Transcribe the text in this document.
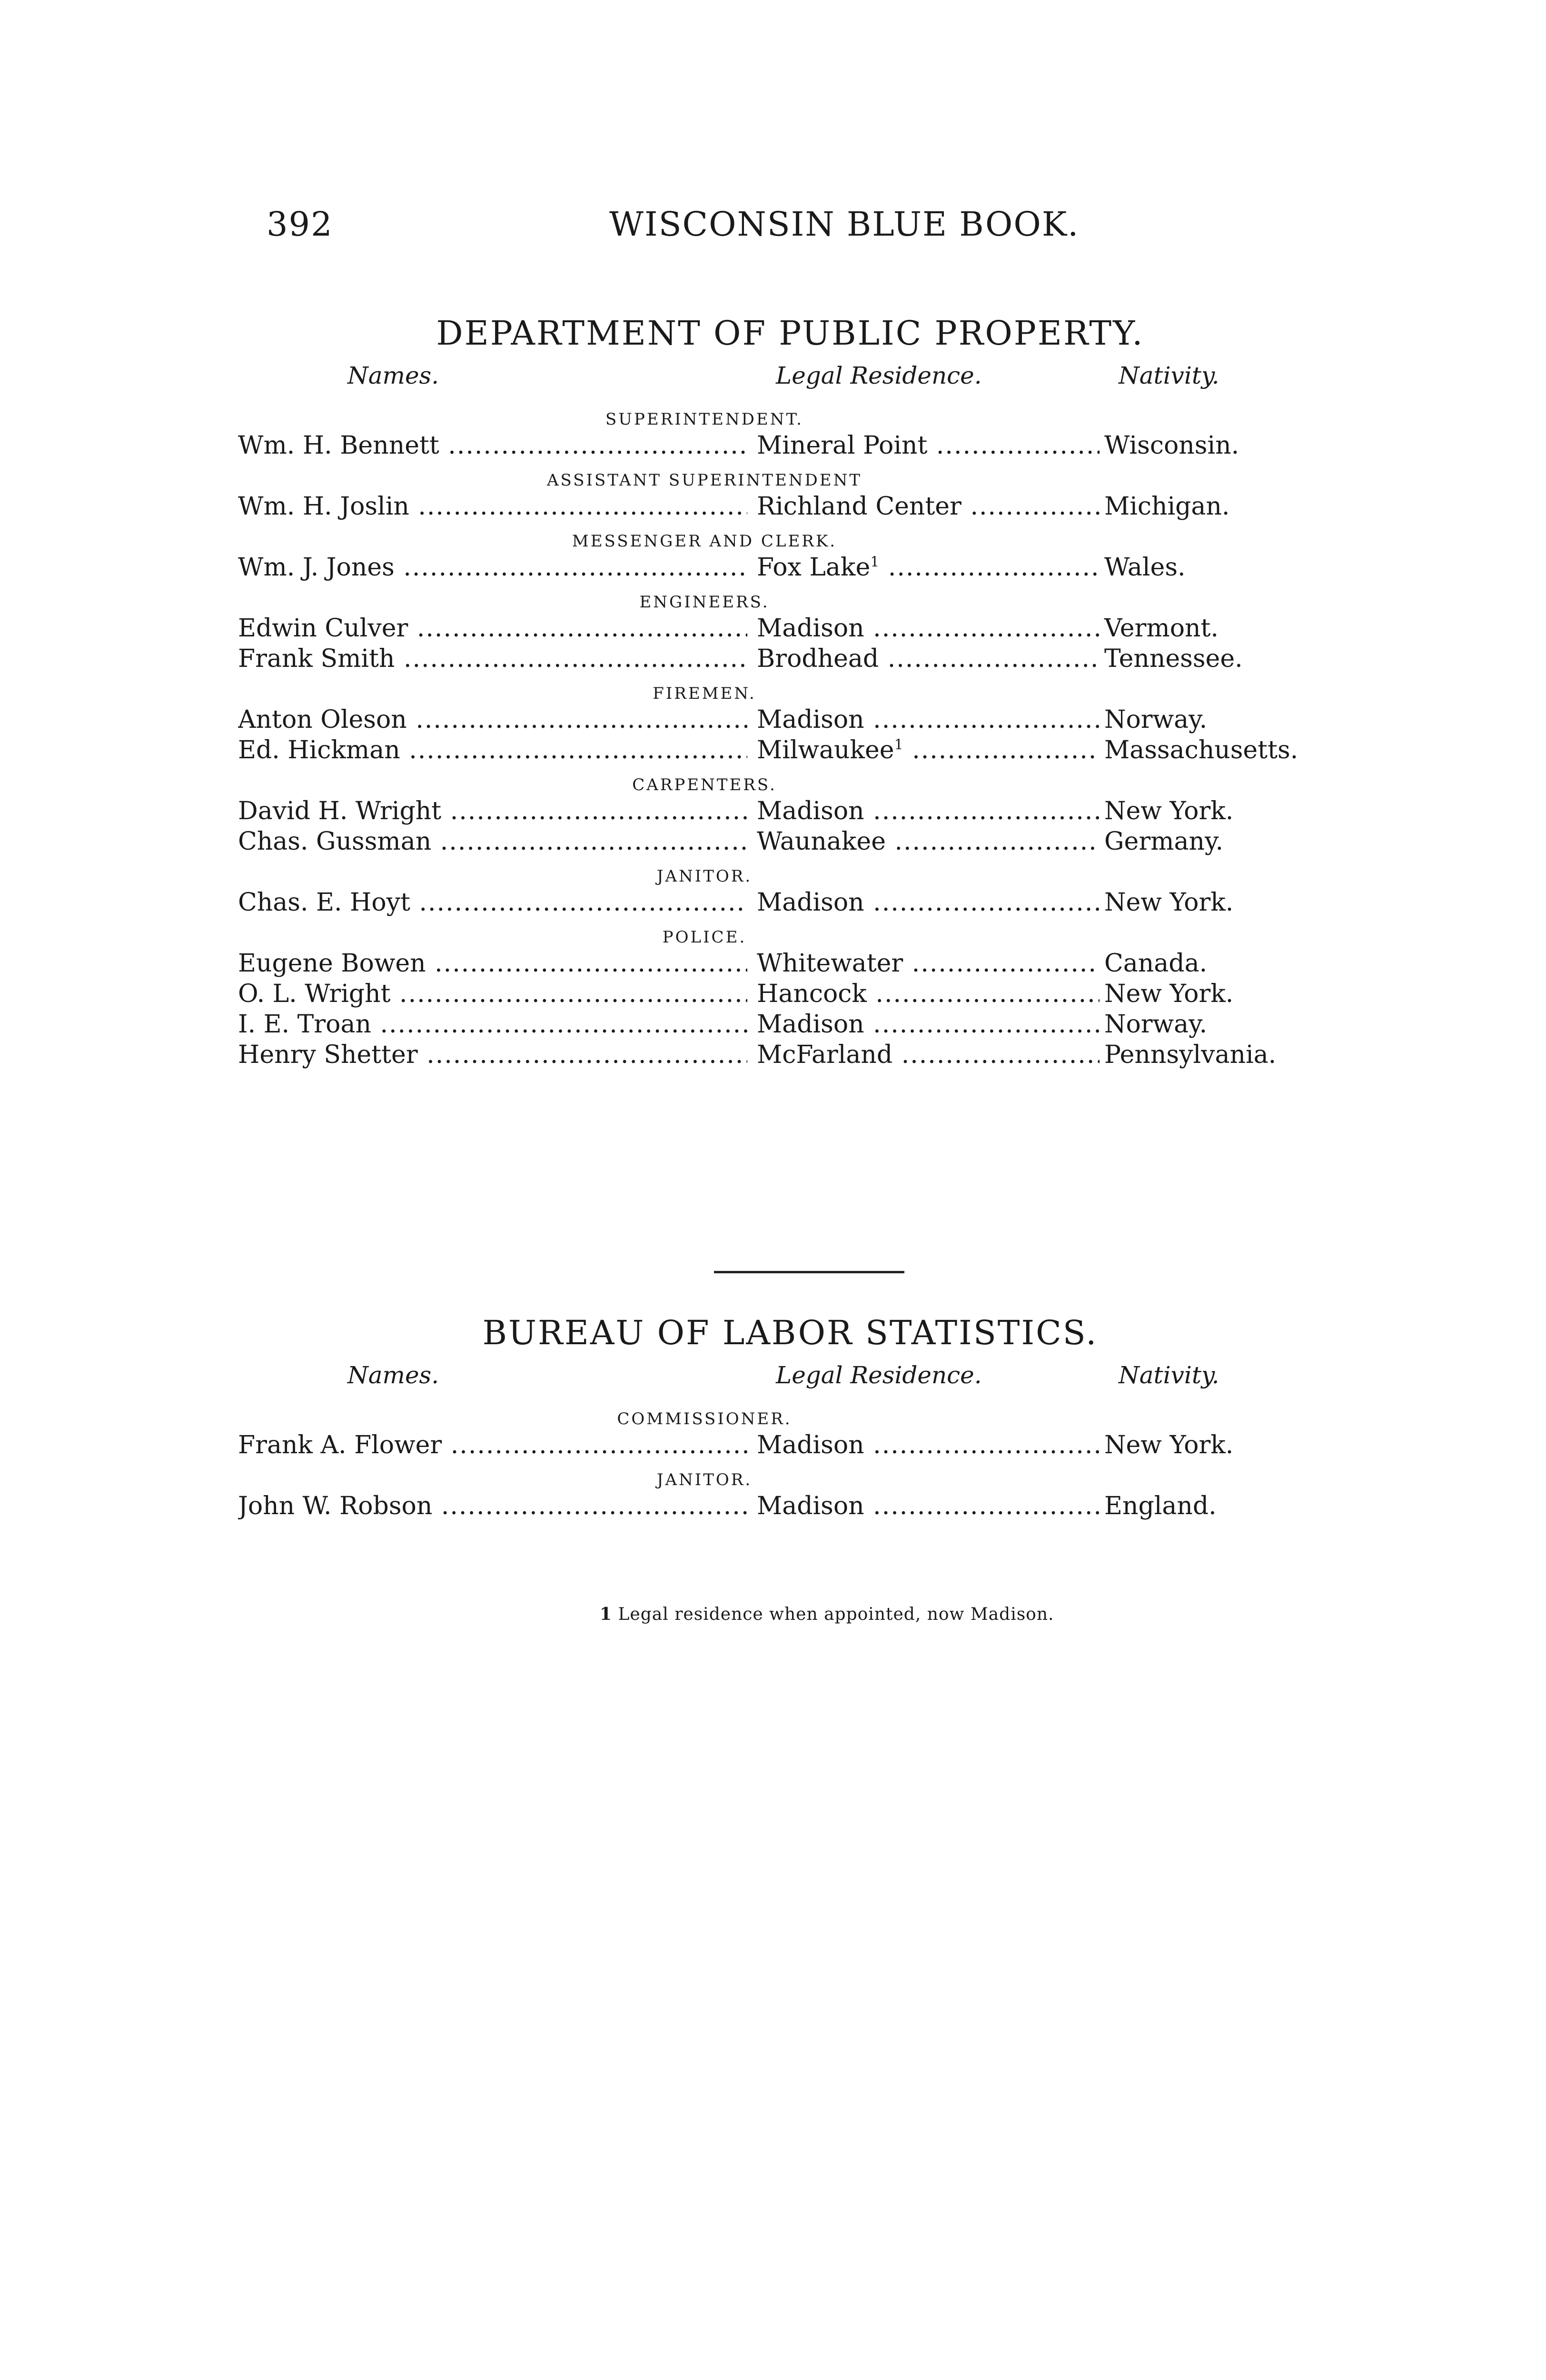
392	WISCONSIN BLUE BOOK.
DEPARTMENT OF PUBLIC PROPERTY.
Names.	Legal Residence.	Nativity.
SUPERINTENDENT.
Wm. H. Bennett .....	Mineral Point .....	Wisconsin.
ASSISTANT SUPERINTENDENT
Wm. H. Joslin .....	Richland Center .....	Michigan.
MESSENGER AND CLERK.
Wm. J. Jones .....	Fox Lake$^1$ .....	Wales.
ENGINEERS.
Edwin Culver .....	Madison .....	Vermont.
Frank Smith .....	Brodhead .....	Tennessee.
FIREMEN.
Anton Oleson .....	Madison .....	Norway.
Ed. Hickman .....	Milwaukee$^1$ .....	Massachusetts.
CARPENTERS.
David H. Wright .....	Madison .....	New York.
Chas. Gussman .....	Waunakee .....	Germany.
JANITOR.
Chas. E. Hoyt .....	Madison .....	New York.
POLICE.
Eugene Bowen .....	Whitewater .....	Canada.
O. L. Wright .....	Hancock .....	New York.
I. E. Troan .....	Madison .....	Norway.
Henry Shetter .....	McFarland .....	Pennsylvania.
BUREAU OF LABOR STATISTICS.
Names.	Legal Residence.	Nativity.
COMMISSIONER.
Frank A. Flower .....	Madison .....	New York.
JANITOR.
John W. Robson .....	Madison .....	England.
1 Legal residence when appointed, now Madison.
